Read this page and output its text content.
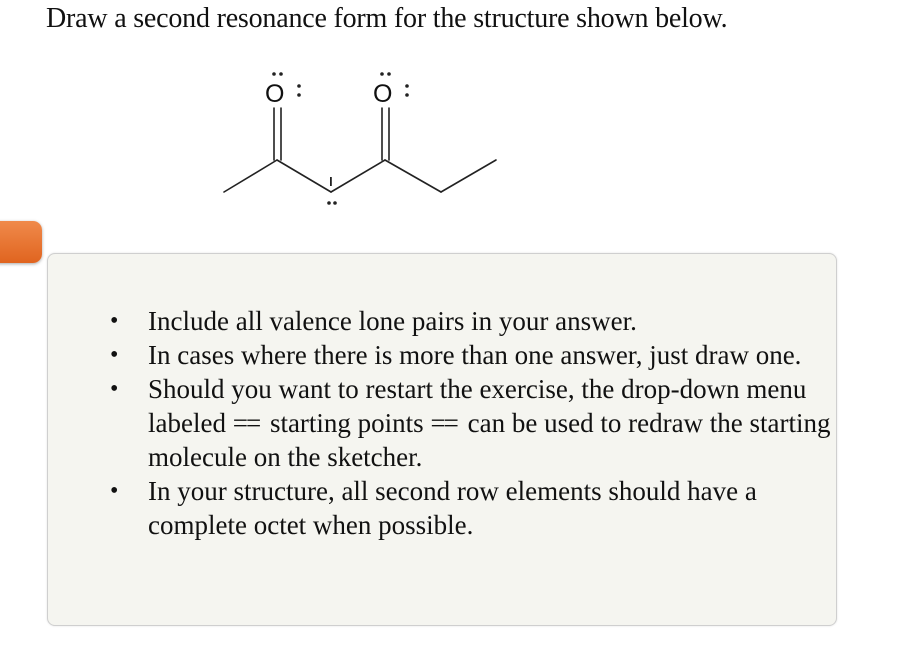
Draw a second resonance form for the structure shown below.
O	O
• Include all valence lone pairs in your answer.
• In cases where there is more than one answer, just draw one.
• Should you want to restart the exercise, the drop-down menu labeled == starting points == can be used to redraw the starting molecule on the sketcher.
• In your structure, all second row elements should have a complete octet when possible.
